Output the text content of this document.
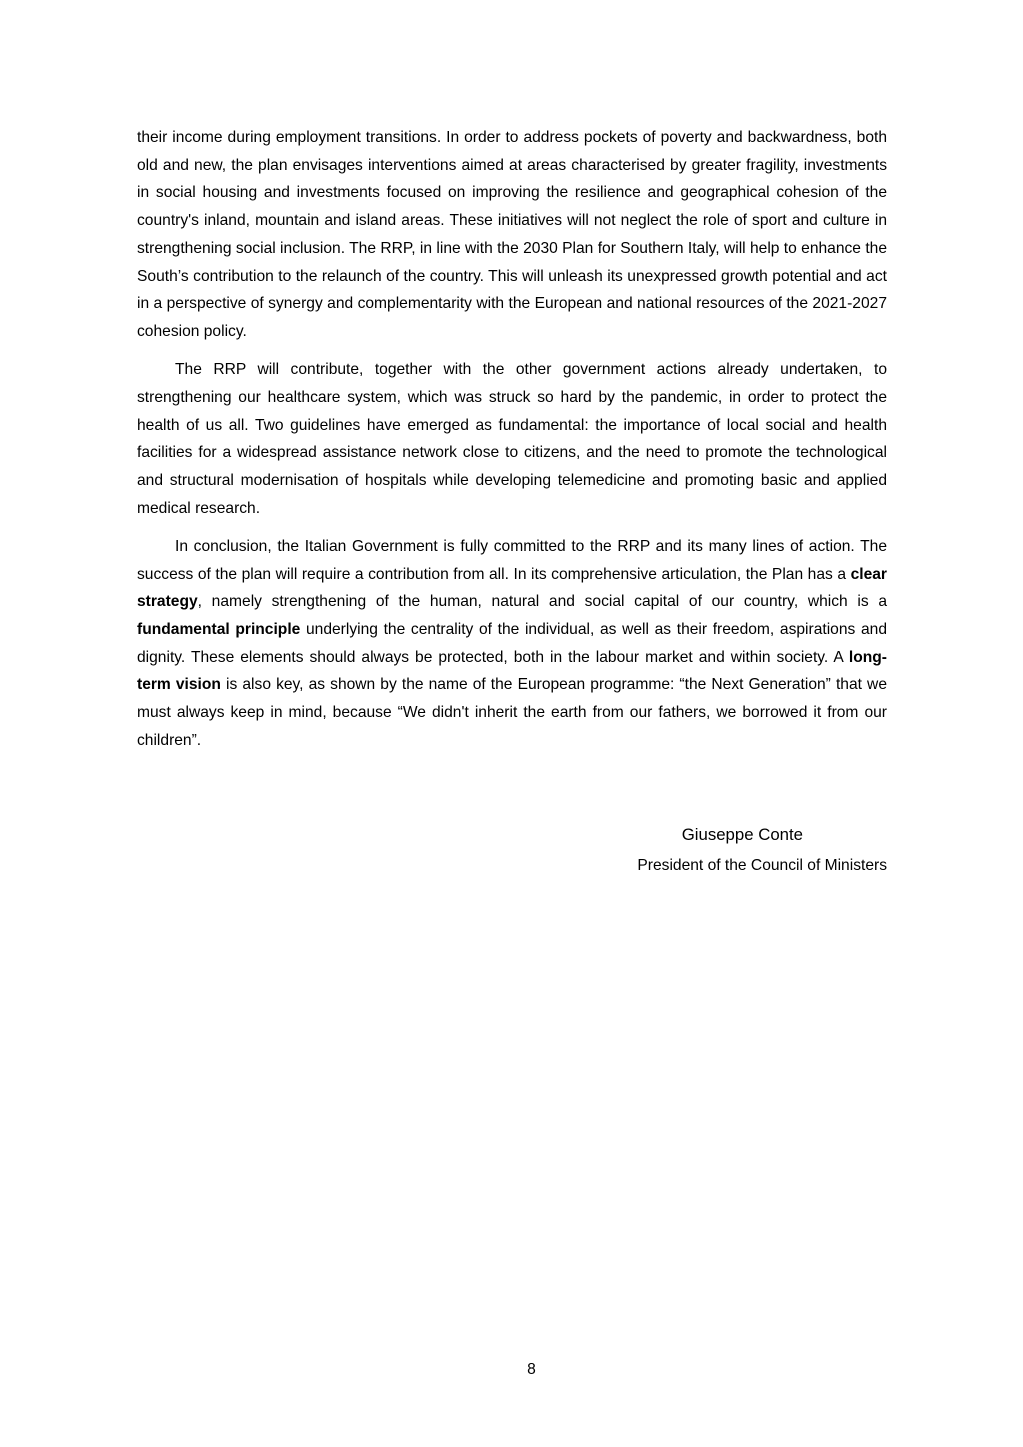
their income during employment transitions. In order to address pockets of poverty and backwardness, both old and new, the plan envisages interventions aimed at areas characterised by greater fragility, investments in social housing and investments focused on improving the resilience and geographical cohesion of the country's inland, mountain and island areas. These initiatives will not neglect the role of sport and culture in strengthening social inclusion. The RRP, in line with the 2030 Plan for Southern Italy, will help to enhance the South’s contribution to the relaunch of the country. This will unleash its unexpressed growth potential and act in a perspective of synergy and complementarity with the European and national resources of the 2021-2027 cohesion policy.

The RRP will contribute, together with the other government actions already undertaken, to strengthening our healthcare system, which was struck so hard by the pandemic, in order to protect the health of us all. Two guidelines have emerged as fundamental: the importance of local social and health facilities for a widespread assistance network close to citizens, and the need to promote the technological and structural modernisation of hospitals while developing telemedicine and promoting basic and applied medical research.

In conclusion, the Italian Government is fully committed to the RRP and its many lines of action. The success of the plan will require a contribution from all. In its comprehensive articulation, the Plan has a clear strategy, namely strengthening of the human, natural and social capital of our country, which is a fundamental principle underlying the centrality of the individual, as well as their freedom, aspirations and dignity. These elements should always be protected, both in the labour market and within society. A long-term vision is also key, as shown by the name of the European programme: “the Next Generation” that we must always keep in mind, because “We didn't inherit the earth from our fathers, we borrowed it from our children”.

Giuseppe Conte
President of the Council of Ministers
8
